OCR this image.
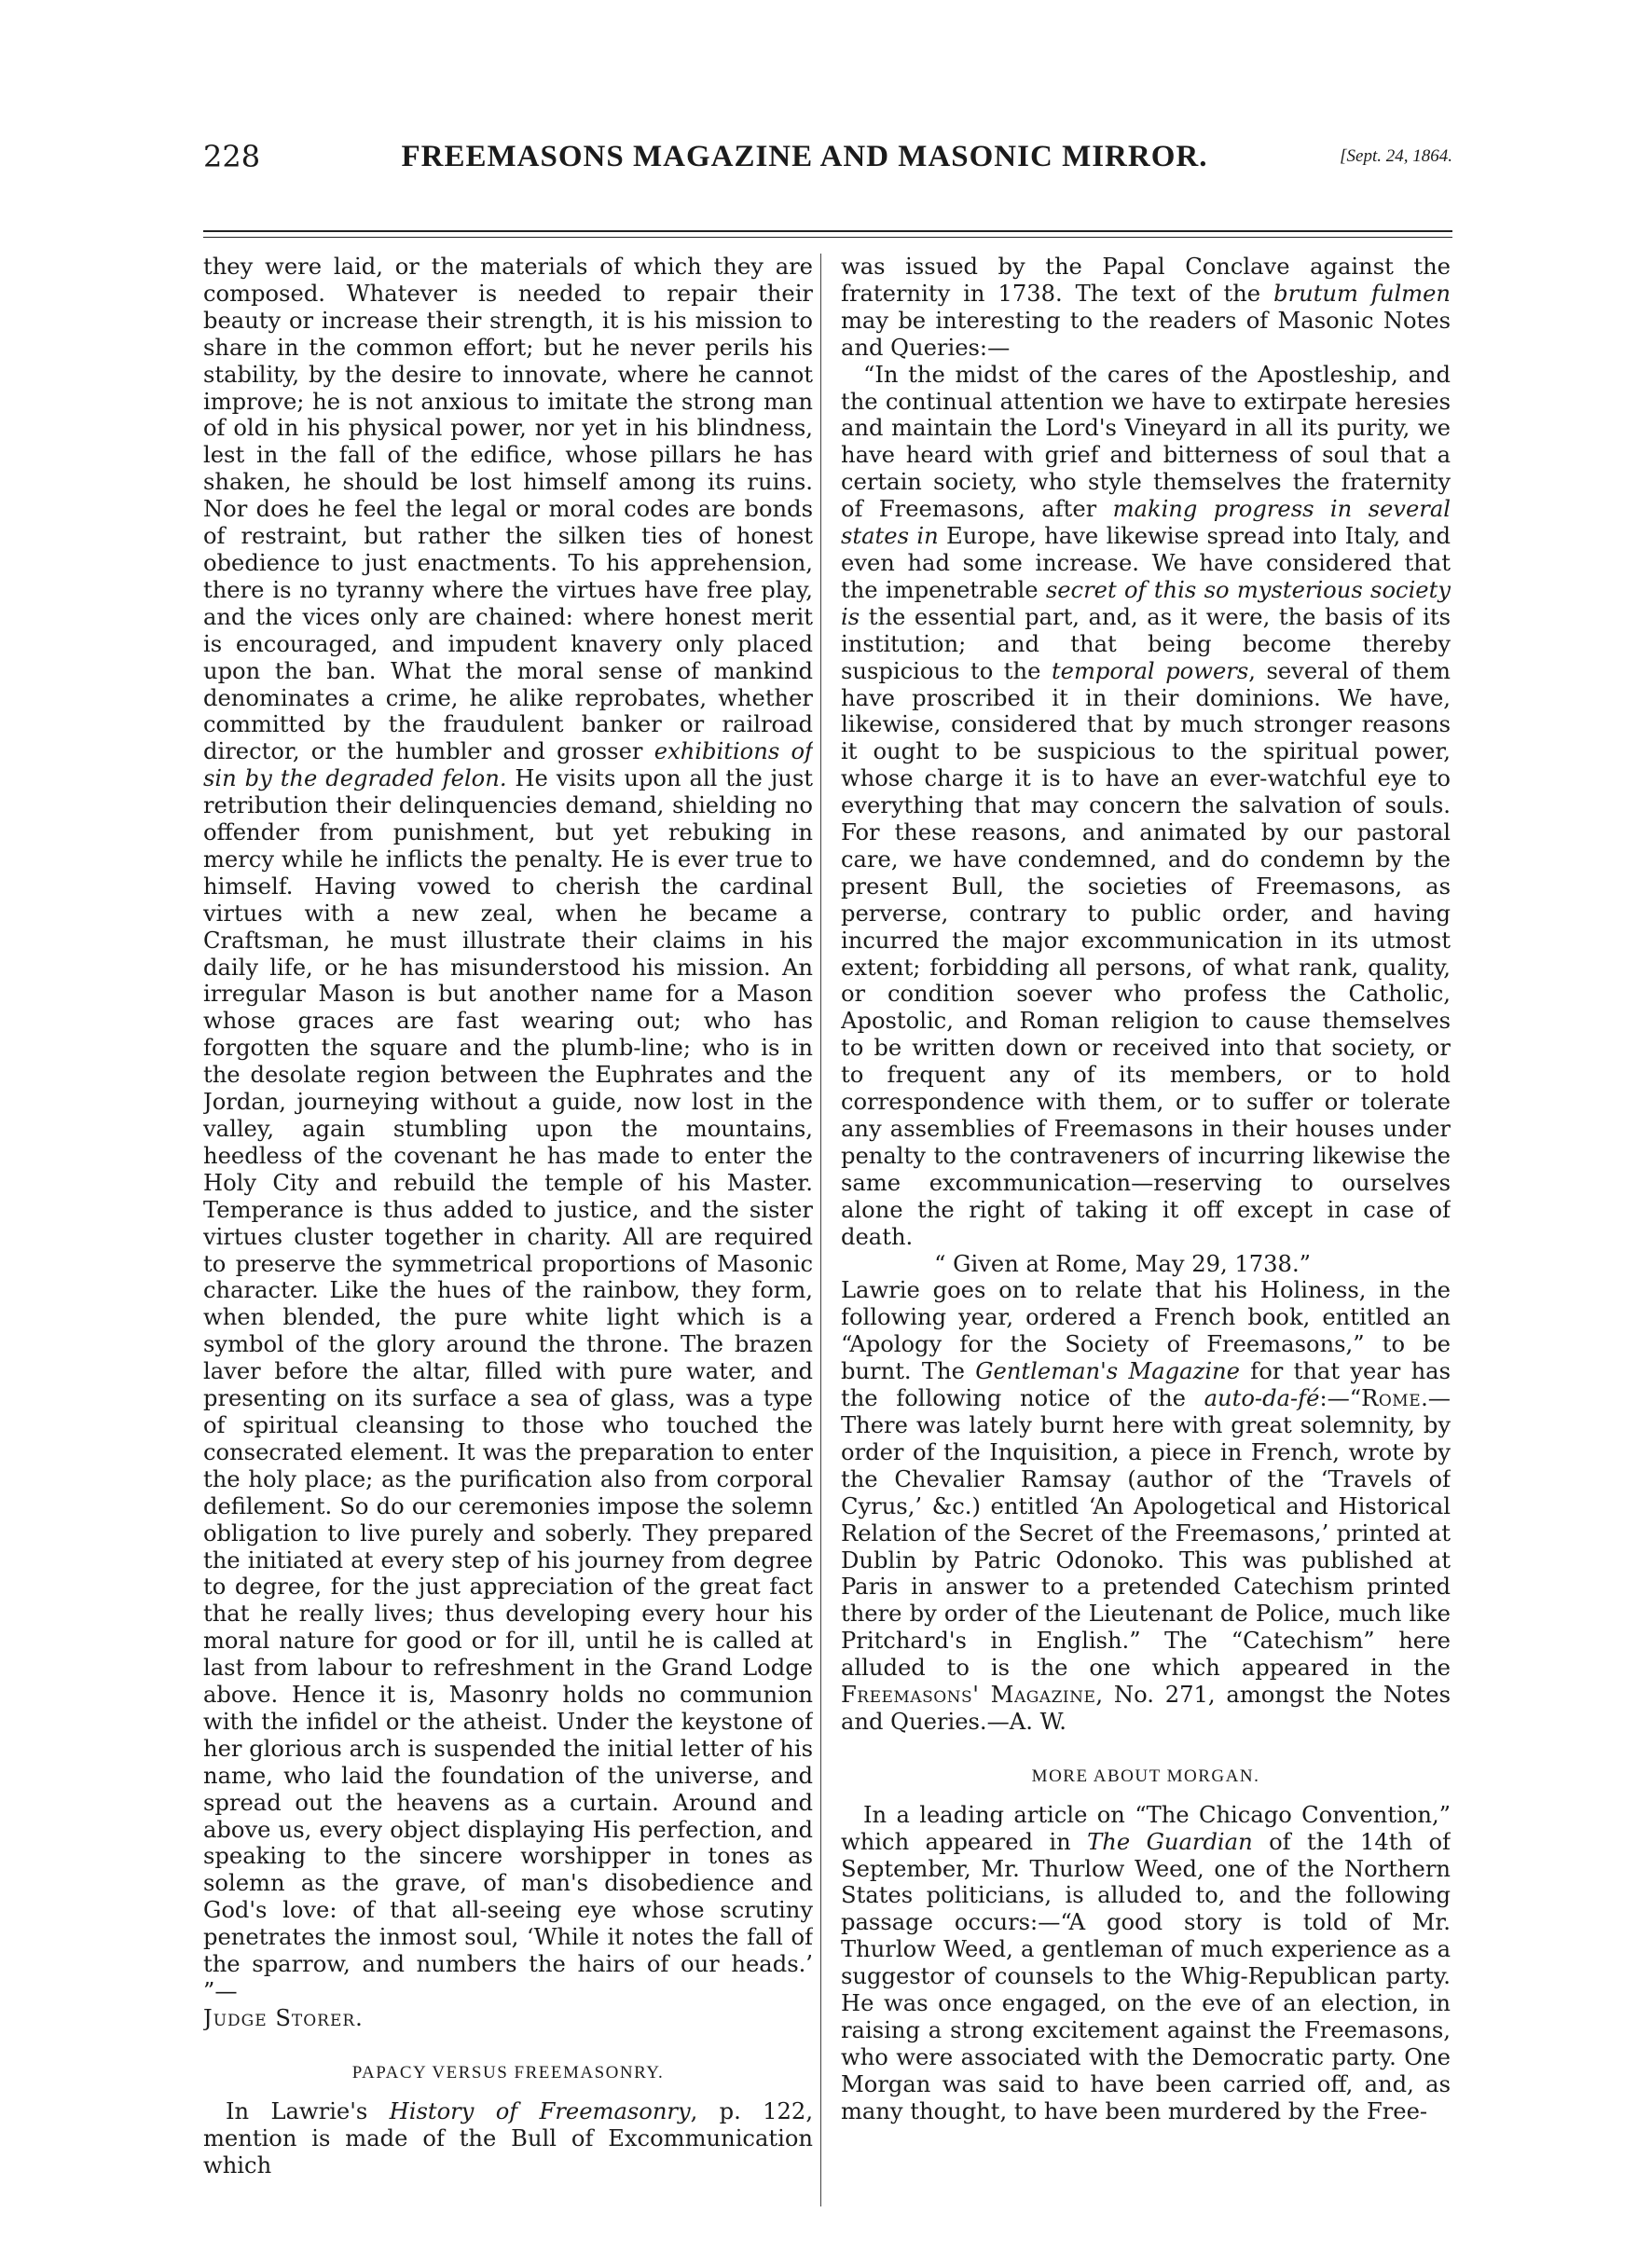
228	FREEMASONS MAGAZINE AND MASONIC MIRROR.	[Sept. 24, 1864.

they were laid, or the materials of which they are composed. Whatever is needed to repair their beauty or increase their strength, it is his mission to share in the common effort; but he never perils his stability, by the desire to innovate, where he cannot improve; he is not anxious to imitate the strong man of old in his physical power, nor yet in his blindness, lest in the fall of the edifice, whose pillars he has shaken, he should be lost himself among its ruins. Nor does he feel the legal or moral codes are bonds of restraint, but rather the silken ties of honest obedience to just enactments. To his apprehension, there is no tyranny where the virtues have free play, and the vices only are chained: where honest merit is encouraged, and impudent knavery only placed upon the ban. What the moral sense of mankind denominates a crime, he alike reprobates, whether committed by the fraudulent banker or railroad director, or the humbler and grosser exhibitions of sin by the degraded felon. He visits upon all the just retribution their delinquencies demand, shielding no offender from punishment, but yet rebuking in mercy while he inflicts the penalty. He is ever true to himself. Having vowed to cherish the cardinal virtues with a new zeal, when he became a Craftsman, he must illustrate their claims in his daily life, or he has misunderstood his mission. An irregular Mason is but another name for a Mason whose graces are fast wearing out; who has forgotten the square and the plumb-line; who is in the desolate region between the Euphrates and the Jordan, journeying without a guide, now lost in the valley, again stumbling upon the mountains, heedless of the covenant he has made to enter the Holy City and rebuild the temple of his Master. Temperance is thus added to justice, and the sister virtues cluster together in charity. All are required to preserve the symmetrical proportions of Masonic character. Like the hues of the rainbow, they form, when blended, the pure white light which is a symbol of the glory around the throne. The brazen laver before the altar, filled with pure water, and presenting on its surface a sea of glass, was a type of spiritual cleansing to those who touched the consecrated element. It was the preparation to enter the holy place; as the purification also from corporal defilement. So do our ceremonies impose the solemn obligation to live purely and soberly. They prepared the initiated at every step of his journey from degree to degree, for the just appreciation of the great fact that he really lives; thus developing every hour his moral nature for good or for ill, until he is called at last from labour to refreshment in the Grand Lodge above. Hence it is, Masonry holds no communion with the infidel or the atheist. Under the keystone of her glorious arch is suspended the initial letter of his name, who laid the foundation of the universe, and spread out the heavens as a curtain. Around and above us, every object displaying His perfection, and speaking to the sincere worshipper in tones as solemn as the grave, of man's disobedience and God's love: of that all-seeing eye whose scrutiny penetrates the inmost soul, ‘While it notes the fall of the sparrow, and numbers the hairs of our heads.’ ”—

Judge Storer.

PAPACY VERSUS FREEMASONRY.

In Lawrie's History of Freemasonry, p. 122, mention is made of the Bull of Excommunication which

was issued by the Papal Conclave against the fraternity in 1738. The text of the brutum fulmen may be interesting to the readers of Masonic Notes and Queries:—

“In the midst of the cares of the Apostleship, and the continual attention we have to extirpate heresies and maintain the Lord's Vineyard in all its purity, we have heard with grief and bitterness of soul that a certain society, who style themselves the fraternity of Freemasons, after making progress in several states in Europe, have likewise spread into Italy, and even had some increase. We have considered that the impenetrable secret of this so mysterious society is the essential part, and, as it were, the basis of its institution; and that being become thereby suspicious to the temporal powers, several of them have proscribed it in their dominions. We have, likewise, considered that by much stronger reasons it ought to be suspicious to the spiritual power, whose charge it is to have an ever-watchful eye to everything that may concern the salvation of souls. For these reasons, and animated by our pastoral care, we have condemned, and do condemn by the present Bull, the societies of Freemasons, as perverse, contrary to public order, and having incurred the major excommunication in its utmost extent; forbidding all persons, of what rank, quality, or condition soever who profess the Catholic, Apostolic, and Roman religion to cause themselves to be written down or received into that society, or to frequent any of its members, or to hold correspondence with them, or to suffer or tolerate any assemblies of Freemasons in their houses under penalty to the contraveners of incurring likewise the same excommunication—reserving to ourselves alone the right of taking it off except in case of death.

“ Given at Rome, May 29, 1738.”

Lawrie goes on to relate that his Holiness, in the following year, ordered a French book, entitled an “Apology for the Society of Freemasons,” to be burnt. The Gentleman's Magazine for that year has the following notice of the auto-da-fé:—“Rome.—There was lately burnt here with great solemnity, by order of the Inquisition, a piece in French, wrote by the Chevalier Ramsay (author of the ‘Travels of Cyrus,’ &c.) entitled ‘An Apologetical and Historical Relation of the Secret of the Freemasons,’ printed at Dublin by Patric Odonoko. This was published at Paris in answer to a pretended Catechism printed there by order of the Lieutenant de Police, much like Pritchard's in English.” The “Catechism” here alluded to is the one which appeared in the Freemasons' Magazine, No. 271, amongst the Notes and Queries.—A. W.

MORE ABOUT MORGAN.

In a leading article on “The Chicago Convention,” which appeared in The Guardian of the 14th of September, Mr. Thurlow Weed, one of the Northern States politicians, is alluded to, and the following passage occurs:—“A good story is told of Mr. Thurlow Weed, a gentleman of much experience as a suggestor of counsels to the Whig-Republican party. He was once engaged, on the eve of an election, in raising a strong excitement against the Freemasons, who were associated with the Democratic party. One Morgan was said to have been carried off, and, as many thought, to have been murdered by the Free-
